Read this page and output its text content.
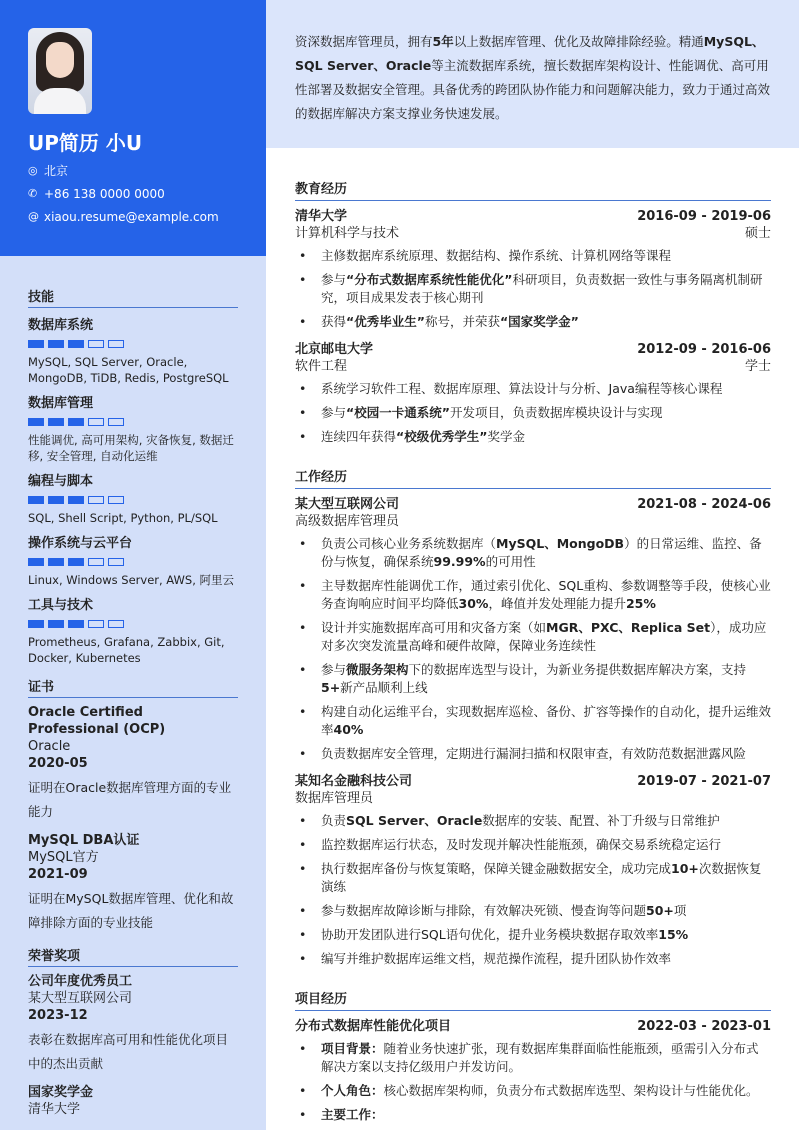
UP简历 小U
◎ 北京
✆ +86 138 0000 0000
@ xiaou.resume@example.com
技能
数据库系统
MySQL, SQL Server, Oracle, MongoDB, TiDB, Redis, PostgreSQL
数据库管理
性能调优, 高可用架构, 灾备恢复, 数据迁移, 安全管理, 自动化运维
编程与脚本
SQL, Shell Script, Python, PL/SQL
操作系统与云平台
Linux, Windows Server, AWS, 阿里云
工具与技术
Prometheus, Grafana, Zabbix, Git, Docker, Kubernetes
证书
Oracle Certified Professional (OCP)
Oracle
2020-05
证明在Oracle数据库管理方面的专业能力
MySQL DBA认证
MySQL官方
2021-09
证明在MySQL数据库管理、优化和故障排除方面的专业技能
荣誉奖项
公司年度优秀员工
某大型互联网公司
2023-12
表彰在数据库高可用和性能优化项目中的杰出贡献
国家奖学金
清华大学
资深数据库管理员，拥有5年以上数据库管理、优化及故障排除经验。精通MySQL、SQL Server、Oracle等主流数据库系统，擅长数据库架构设计、性能调优、高可用性部署及数据安全管理。具备优秀的跨团队协作能力和问题解决能力，致力于通过高效的数据库解决方案支撑业务快速发展。
教育经历
清华大学	2016-09 - 2019-06
计算机科学与技术	硕士
• 主修数据库系统原理、数据结构、操作系统、计算机网络等课程
• 参与“分布式数据库系统性能优化”科研项目，负责数据一致性与事务隔离机制研究，项目成果发表于核心期刊
• 获得“优秀毕业生”称号，并荣获“国家奖学金”
北京邮电大学	2012-09 - 2016-06
软件工程	学士
• 系统学习软件工程、数据库原理、算法设计与分析、Java编程等核心课程
• 参与“校园一卡通系统”开发项目，负责数据库模块设计与实现
• 连续四年获得“校级优秀学生”奖学金
工作经历
某大型互联网公司	2021-08 - 2024-06
高级数据库管理员
• 负责公司核心业务系统数据库（MySQL、MongoDB）的日常运维、监控、备份与恢复，确保系统99.99%的可用性
• 主导数据库性能调优工作，通过索引优化、SQL重构、参数调整等手段，使核心业务查询响应时间平均降低30%，峰值并发处理能力提升25%
• 设计并实施数据库高可用和灾备方案（如MGR、PXC、Replica Set），成功应对多次突发流量高峰和硬件故障，保障业务连续性
• 参与微服务架构下的数据库选型与设计，为新业务提供数据库解决方案，支持5+新产品顺利上线
• 构建自动化运维平台，实现数据库巡检、备份、扩容等操作的自动化，提升运维效率40%
• 负责数据库安全管理，定期进行漏洞扫描和权限审查，有效防范数据泄露风险
某知名金融科技公司	2019-07 - 2021-07
数据库管理员
• 负责SQL Server、Oracle数据库的安装、配置、补丁升级与日常维护
• 监控数据库运行状态，及时发现并解决性能瓶颈，确保交易系统稳定运行
• 执行数据库备份与恢复策略，保障关键金融数据安全，成功完成10+次数据恢复演练
• 参与数据库故障诊断与排除，有效解决死锁、慢查询等问题50+项
• 协助开发团队进行SQL语句优化，提升业务模块数据存取效率15%
• 编写并维护数据库运维文档，规范操作流程，提升团队协作效率
项目经历
分布式数据库性能优化项目	2022-03 - 2023-01
• 项目背景：随着业务快速扩张，现有数据库集群面临性能瓶颈，亟需引入分布式解决方案以支持亿级用户并发访问。
• 个人角色：核心数据库架构师，负责分布式数据库选型、架构设计与性能优化。
• 主要工作：
